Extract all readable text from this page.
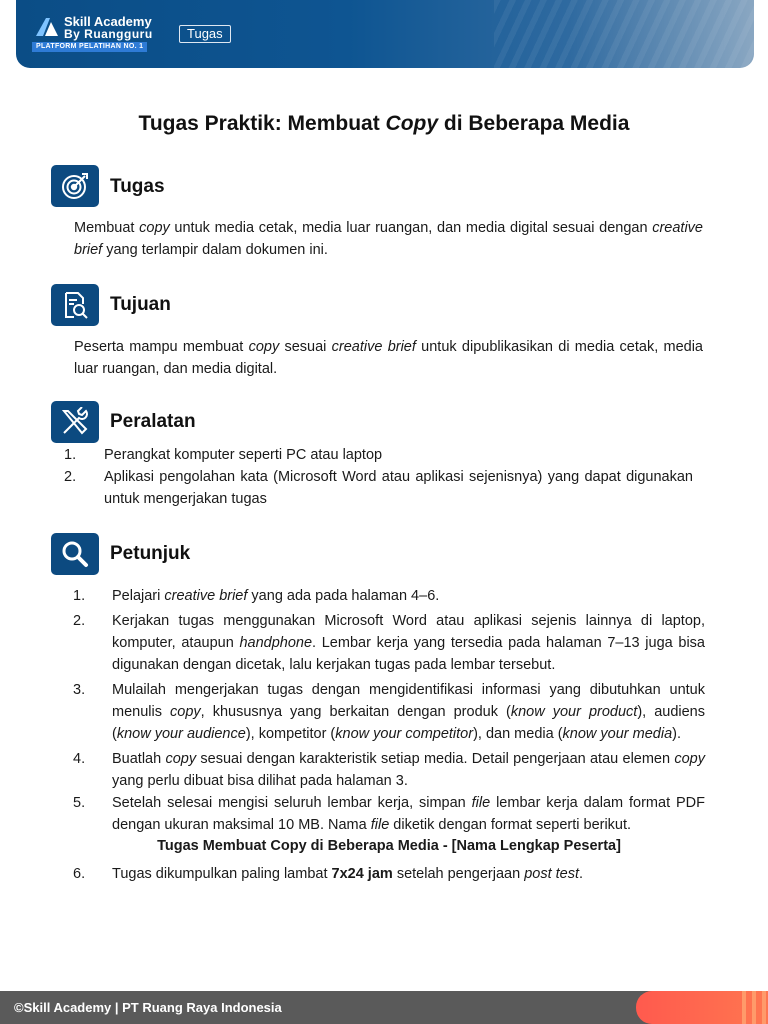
Skill Academy
By Ruangguru
PLATFORM PELATIHAN NO. 1
Tugas
Tugas Praktik: Membuat Copy di Beberapa Media
Tugas
Membuat copy untuk media cetak, media luar ruangan, dan media digital sesuai dengan creative brief yang terlampir dalam dokumen ini.
Tujuan
Peserta mampu membuat copy sesuai creative brief untuk dipublikasikan di media cetak, media luar ruangan, dan media digital.
Peralatan
1. Perangkat komputer seperti PC atau laptop
2. Aplikasi pengolahan kata (Microsoft Word atau aplikasi sejenisnya) yang dapat digunakan untuk mengerjakan tugas
Petunjuk
1. Pelajari creative brief yang ada pada halaman 4–6.
2. Kerjakan tugas menggunakan Microsoft Word atau aplikasi sejenis lainnya di laptop, komputer, ataupun handphone. Lembar kerja yang tersedia pada halaman 7–13 juga bisa digunakan dengan dicetak, lalu kerjakan tugas pada lembar tersebut.
3. Mulailah mengerjakan tugas dengan mengidentifikasi informasi yang dibutuhkan untuk menulis copy, khususnya yang berkaitan dengan produk (know your product), audiens (know your audience), kompetitor (know your competitor), dan media (know your media).
4. Buatlah copy sesuai dengan karakteristik setiap media. Detail pengerjaan atau elemen copy yang perlu dibuat bisa dilihat pada halaman 3.
5. Setelah selesai mengisi seluruh lembar kerja, simpan file lembar kerja dalam format PDF dengan ukuran maksimal 10 MB. Nama file diketik dengan format seperti berikut.
Tugas Membuat Copy di Beberapa Media - [Nama Lengkap Peserta]
6. Tugas dikumpulkan paling lambat 7x24 jam setelah pengerjaan post test.
©Skill Academy | PT Ruang Raya Indonesia
